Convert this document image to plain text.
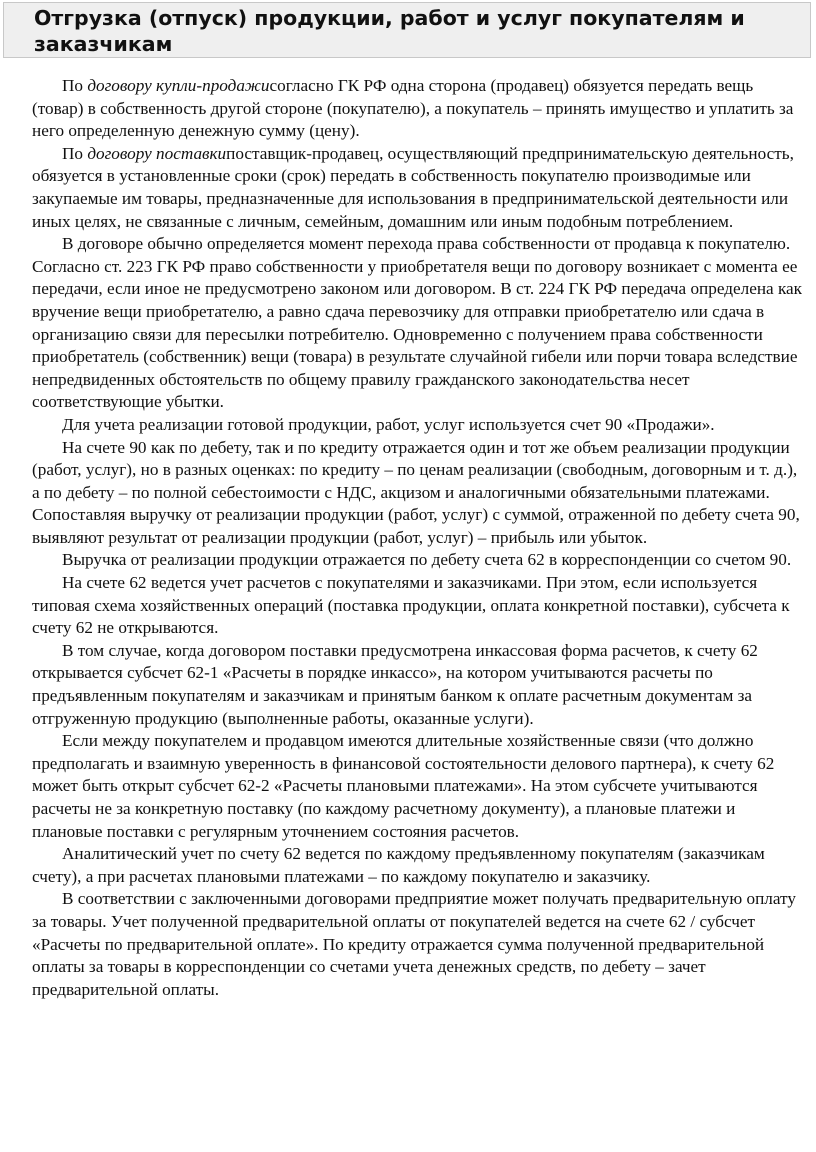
Отгрузка (отпуск) продукции, работ и услуг покупателям и заказчикам

По договору купли-продажисогласно ГК РФ одна сторона (продавец) обязуется передать вещь (товар) в собственность другой стороне (покупателю), а покупатель – принять имущество и уплатить за него определенную денежную сумму (цену).

По договору поставкипоставщик-продавец, осуществляющий предпринимательскую деятельность, обязуется в установленные сроки (срок) передать в собственность покупателю производимые или закупаемые им товары, предназначенные для использования в предпринимательской деятельности или иных целях, не связанные с личным, семейным, домашним или иным подобным потреблением.

В договоре обычно определяется момент перехода права собственности от продавца к покупателю. Согласно ст. 223 ГК РФ право собственности у приобретателя вещи по договору возникает с момента ее передачи, если иное не предусмотрено законом или договором. В ст. 224 ГК РФ передача определена как вручение вещи приобретателю, а равно сдача перевозчику для отправки приобретателю или сдача в организацию связи для пересылки потребителю. Одновременно с получением права собственности приобретатель (собственник) вещи (товара) в результате случайной гибели или порчи товара вследствие непредвиденных обстоятельств по общему правилу гражданского законодательства несет соответствующие убытки.

Для учета реализации готовой продукции, работ, услуг используется счет 90 «Продажи».

На счете 90 как по дебету, так и по кредиту отражается один и тот же объем реализации продукции (работ, услуг), но в разных оценках: по кредиту – по ценам реализации (свободным, договорным и т. д.), а по дебету – по полной себестоимости с НДС, акцизом и аналогичными обязательными платежами. Сопоставляя выручку от реализации продукции (работ, услуг) с суммой, отраженной по дебету счета 90, выявляют результат от реализации продукции (работ, услуг) – прибыль или убыток.

Выручка от реализации продукции отражается по дебету счета 62 в корреспонденции со счетом 90.

На счете 62 ведется учет расчетов с покупателями и заказчиками. При этом, если используется типовая схема хозяйственных операций (поставка продукции, оплата конкретной поставки), субсчета к счету 62 не открываются.

В том случае, когда договором поставки предусмотрена инкассовая форма расчетов, к счету 62 открывается субсчет 62-1 «Расчеты в порядке инкассо», на котором учитываются расчеты по предъявленным покупателям и заказчикам и принятым банком к оплате расчетным документам за отгруженную продукцию (выполненные работы, оказанные услуги).

Если между покупателем и продавцом имеются длительные хозяйственные связи (что должно предполагать и взаимную уверенность в финансовой состоятельности делового партнера), к счету 62 может быть открыт субсчет 62-2 «Расчеты плановыми платежами». На этом субсчете учитываются расчеты не за конкретную поставку (по каждому расчетному документу), а плановые платежи и плановые поставки с регулярным уточнением состояния расчетов.

Аналитический учет по счету 62 ведется по каждому предъявленному покупателям (заказчикам счету), а при расчетах плановыми платежами – по каждому покупателю и заказчику.

В соответствии с заключенными договорами предприятие может получать предварительную оплату за товары. Учет полученной предварительной оплаты от покупателей ведется на счете 62 / субсчет «Расчеты по предварительной оплате». По кредиту отражается сумма полученной предварительной оплаты за товары в корреспонденции со счетами учета денежных средств, по дебету – зачет предварительной оплаты.
